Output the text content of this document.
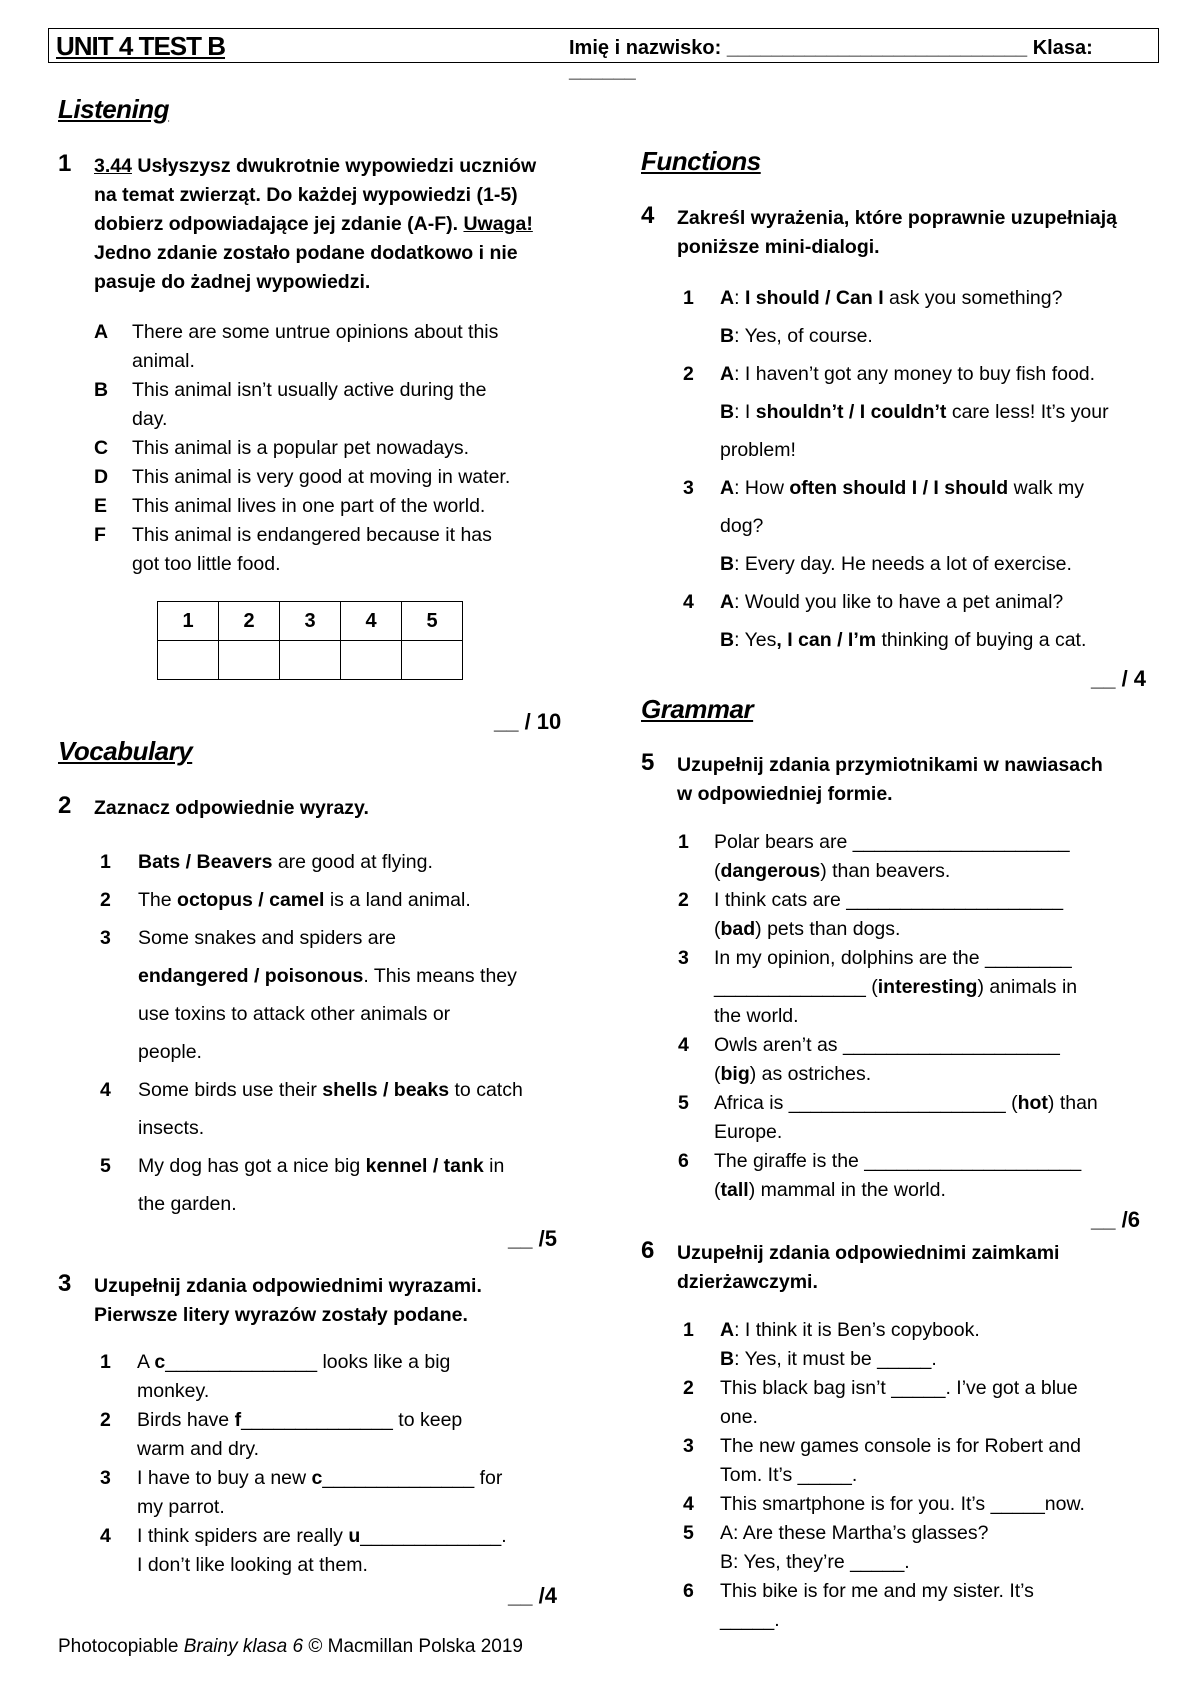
UNIT 4 TEST B	Imię i nazwisko: ___________________________ Klasa: ______
Listening
1 3.44 Usłyszysz dwukrotnie wypowiedzi uczniów
na temat zwierząt. Do każdej wypowiedzi (1-5)
dobierz odpowiadające jej zdanie (A-F). Uwaga!
Jedno zdanie zostało podane dodatkowo i nie
pasuje do żadnej wypowiedzi.
A	There are some untrue opinions about this
animal.
B	This animal isn’t usually active during the
day.
C	This animal is a popular pet nowadays.
D	This animal is very good at moving in water.
E	This animal lives in one part of the world.
F	This animal is endangered because it has
got too little food.
1	2	3	4	5

__ / 10
Vocabulary
2 Zaznacz odpowiednie wyrazy.
1	Bats / Beavers are good at flying.
2	The octopus / camel is a land animal.
3	Some snakes and spiders are
endangered / poisonous. This means they
use toxins to attack other animals or
people.
4	Some birds use their shells / beaks to catch
insects.
5	My dog has got a nice big kennel / tank in
the garden.
__ /5
3 Uzupełnij zdania odpowiednimi wyrazami.
Pierwsze litery wyrazów zostały podane.
1	A c______________ looks like a big
monkey.
2	Birds have f______________ to keep
warm and dry.
3	I have to buy a new c______________ for
my parrot.
4	I think spiders are really u_____________.
I don’t like looking at them.
__ /4
Photocopiable Brainy klasa 6 © Macmillan Polska 2019
Functions
4 Zakreśl wyrażenia, które poprawnie uzupełniają
poniższe mini-dialogi.
1	A: I should / Can I ask you something?
B: Yes, of course.
2	A: I haven’t got any money to buy fish food.
B: I shouldn’t / I couldn’t care less! It’s your
problem!
3	A: How often should I / I should walk my
dog?
B: Every day. He needs a lot of exercise.
4	A: Would you like to have a pet animal?
B: Yes, I can / I’m thinking of buying a cat.
__ / 4
Grammar
5 Uzupełnij zdania przymiotnikami w nawiasach
w odpowiedniej formie.
1	Polar bears are ____________________
(dangerous) than beavers.
2	I think cats are ____________________
(bad) pets than dogs.
3	In my opinion, dolphins are the ________
______________ (interesting) animals in
the world.
4	Owls aren’t as ____________________
(big) as ostriches.
5	Africa is ____________________ (hot) than
Europe.
6	The giraffe is the ____________________
(tall) mammal in the world.
__ /6
6 Uzupełnij zdania odpowiednimi zaimkami
dzierżawczymi.
1	A: I think it is Ben’s copybook.
B: Yes, it must be _____.
2	This black bag isn’t _____. I’ve got a blue
one.
3	The new games console is for Robert and
Tom. It’s _____.
4	This smartphone is for you. It’s _____now.
5	A: Are these Martha’s glasses?
B: Yes, they’re _____.
6	This bike is for me and my sister. It’s
_____.
